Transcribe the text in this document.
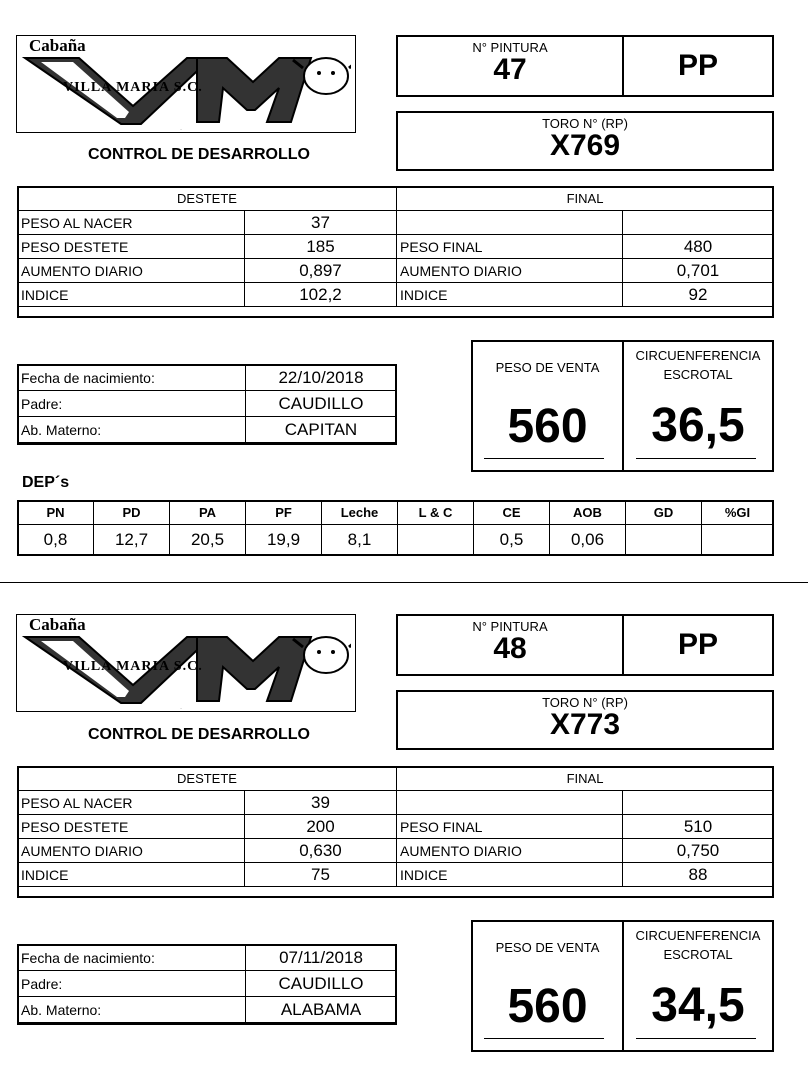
Cabaña
VM
VILLA MARIA S.C.
CONTROL DE DESARROLLO
N° PINTURA
47	PP
TORO N° (RP)
X769
DESTETE		FINAL	
PESO AL NACER	37		
PESO DESTETE	185	PESO FINAL	480
AUMENTO DIARIO	0,897	AUMENTO DIARIO	0,701
INDICE	102,2	INDICE	92
Fecha de nacimiento:	22/10/2018
Padre:	CAUDILLO
Ab. Materno:	CAPITAN
PESO DE VENTA
560
CIRCUENFERENCIA
ESCROTAL
36,5
DEP´s
PN	PD	PA	PF	Leche	L & C	CE	AOB	GD	%GI
0,8	12,7	20,5	19,9	8,1		0,5	0,06		
Cabaña
VM
VILLA MARIA S.C.
CONTROL DE DESARROLLO
N° PINTURA
48	PP
TORO N° (RP)
X773
DESTETE		FINAL	
PESO AL NACER	39		
PESO DESTETE	200	PESO FINAL	510
AUMENTO DIARIO	0,630	AUMENTO DIARIO	0,750
INDICE	75	INDICE	88
Fecha de nacimiento:	07/11/2018
Padre:	CAUDILLO
Ab. Materno:	ALABAMA
PESO DE VENTA
560
CIRCUENFERENCIA
ESCROTAL
34,5
